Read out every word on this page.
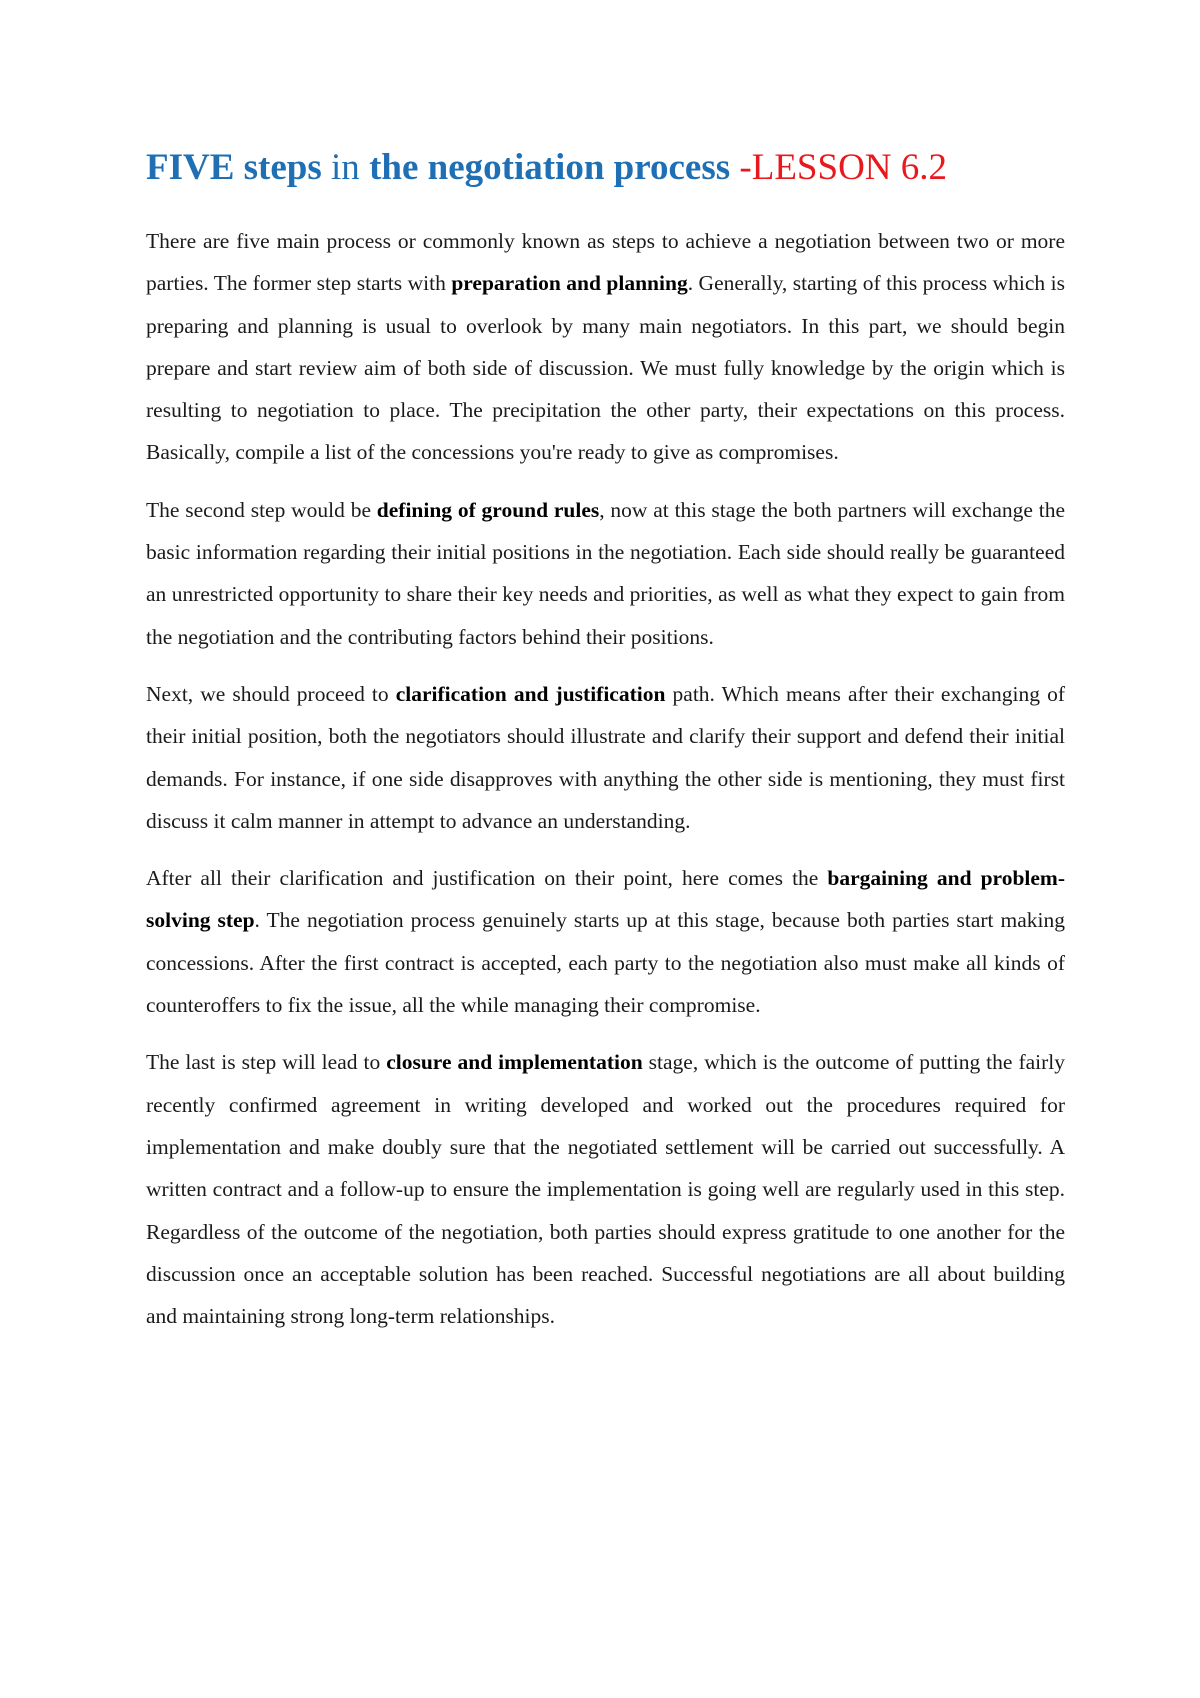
FIVE steps in the negotiation process -LESSON 6.2

There are five main process or commonly known as steps to achieve a negotiation between two or more parties. The former step starts with preparation and planning. Generally, starting of this process which is preparing and planning is usual to overlook by many main negotiators. In this part, we should begin prepare and start review aim of both side of discussion. We must fully knowledge by the origin which is resulting to negotiation to place. The precipitation the other party, their expectations on this process. Basically, compile a list of the concessions you're ready to give as compromises.

The second step would be defining of ground rules, now at this stage the both partners will exchange the basic information regarding their initial positions in the negotiation. Each side should really be guaranteed an unrestricted opportunity to share their key needs and priorities, as well as what they expect to gain from the negotiation and the contributing factors behind their positions.

Next, we should proceed to clarification and justification path. Which means after their exchanging of their initial position, both the negotiators should illustrate and clarify their support and defend their initial demands. For instance, if one side disapproves with anything the other side is mentioning, they must first discuss it calm manner in attempt to advance an understanding.

After all their clarification and justification on their point, here comes the bargaining and problem-solving step. The negotiation process genuinely starts up at this stage, because both parties start making concessions. After the first contract is accepted, each party to the negotiation also must make all kinds of counteroffers to fix the issue, all the while managing their compromise.

The last is step will lead to closure and implementation stage, which is the outcome of putting the fairly recently confirmed agreement in writing developed and worked out the procedures required for implementation and make doubly sure that the negotiated settlement will be carried out successfully. A written contract and a follow-up to ensure the implementation is going well are regularly used in this step. Regardless of the outcome of the negotiation, both parties should express gratitude to one another for the discussion once an acceptable solution has been reached. Successful negotiations are all about building and maintaining strong long-term relationships.
